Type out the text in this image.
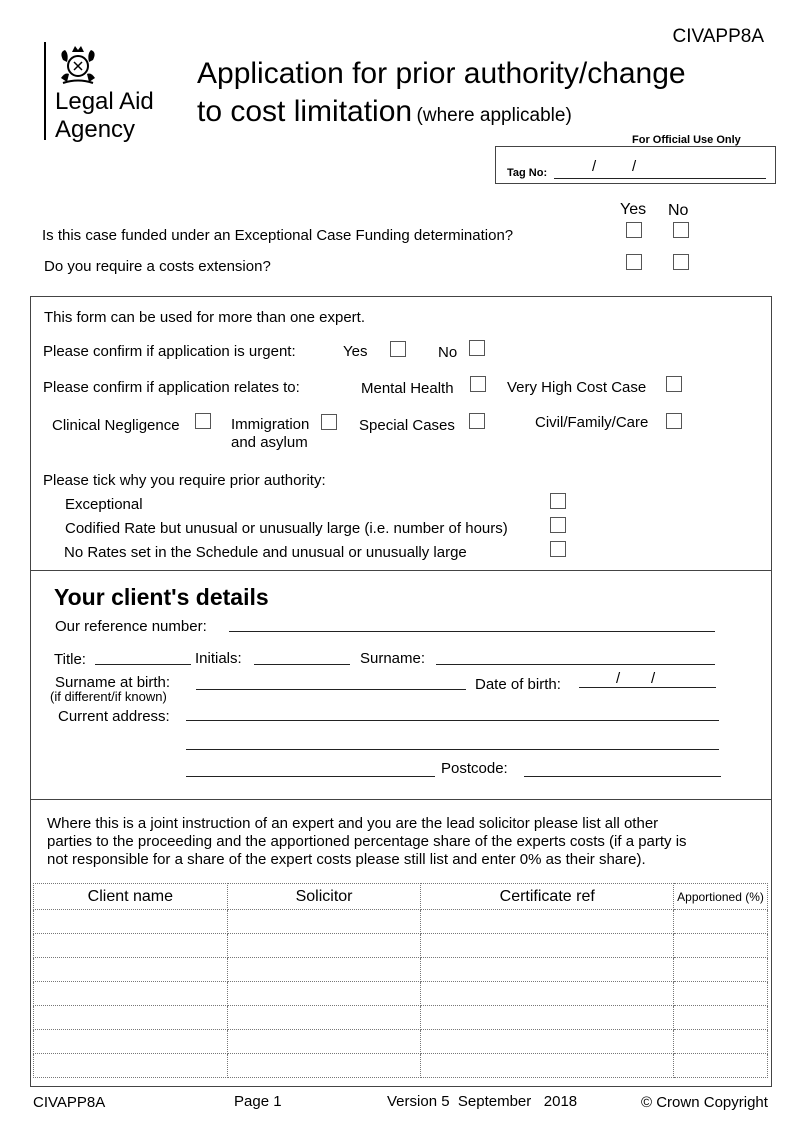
CIVAPP8A
Legal Aid
Agency
Application for prior authority/change
to cost limitation (where applicable)
For Official Use Only
Tag No:	/ /
Yes No
Is this case funded under an Exceptional Case Funding determination?
Do you require a costs extension?
This form can be used for more than one expert.
Please confirm if application is urgent:	Yes	No
Please confirm if application relates to:	Mental Health	Very High Cost Case
Clinical Negligence	Immigration
and asylum
Special Cases	Civil/Family/Care
Please tick why you require prior authority:
Exceptional
Codified Rate but unusual or unusually large (i.e. number of hours)
No Rates set in the Schedule and unusual or unusually large
Your client's details
Our reference number:
Title:	Initials:	Surname:
Surname at birth:
(if different/if known)
Date of birth:	/ /
Current address:
Postcode:
Where this is a joint instruction of an expert and you are the lead solicitor please list all other
parties to the proceeding and the apportioned percentage share of the experts costs (if a party is
not responsible for a share of the expert costs please still list and enter 0% as their share).
Client name	Solicitor	Certificate ref	Apportioned (%)

CIVAPP8A	Page 1	Version 5  September   2018	© Crown Copyright
